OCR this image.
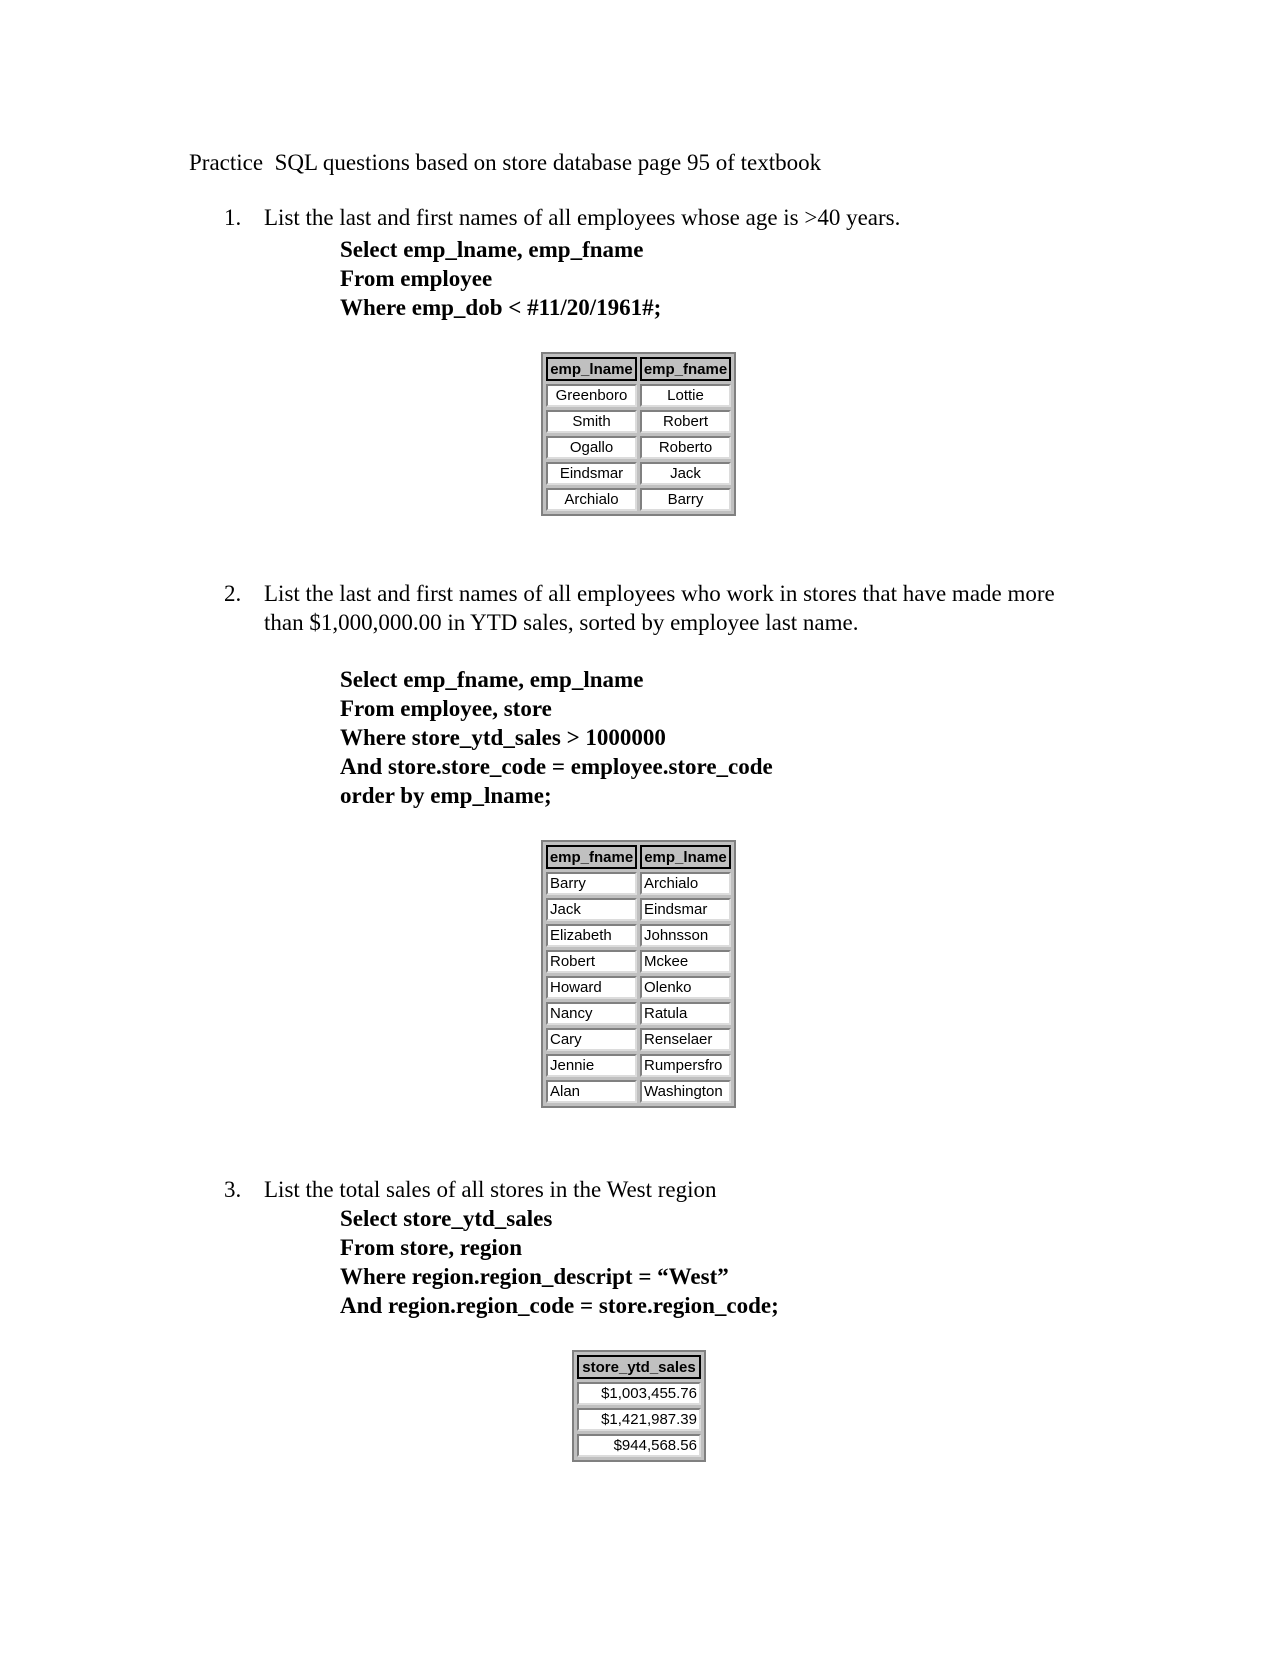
Practice  SQL questions based on store database page 95 of textbook
1. List the last and first names of all employees whose age is >40 years.
Select emp_lname, emp_fname
From employee
Where emp_dob < #11/20/1961#;
emp_lname	emp_fname
Greenboro	Lottie
Smith	Robert
Ogallo	Roberto
Eindsmar	Jack
Archialo	Barry
2. List the last and first names of all employees who work in stores that have made more than $1,000,000.00 in YTD sales, sorted by employee last name.
Select emp_fname, emp_lname
From employee, store
Where store_ytd_sales > 1000000
And store.store_code = employee.store_code
order by emp_lname;
emp_fname	emp_lname
Barry	Archialo
Jack	Eindsmar
Elizabeth	Johnsson
Robert	Mckee
Howard	Olenko
Nancy	Ratula
Cary	Renselaer
Jennie	Rumpersfro
Alan	Washington
3. List the total sales of all stores in the West region
Select store_ytd_sales
From store, region
Where region.region_descript = “West”
And region.region_code = store.region_code;
store_ytd_sales
$1,003,455.76
$1,421,987.39
$944,568.56
